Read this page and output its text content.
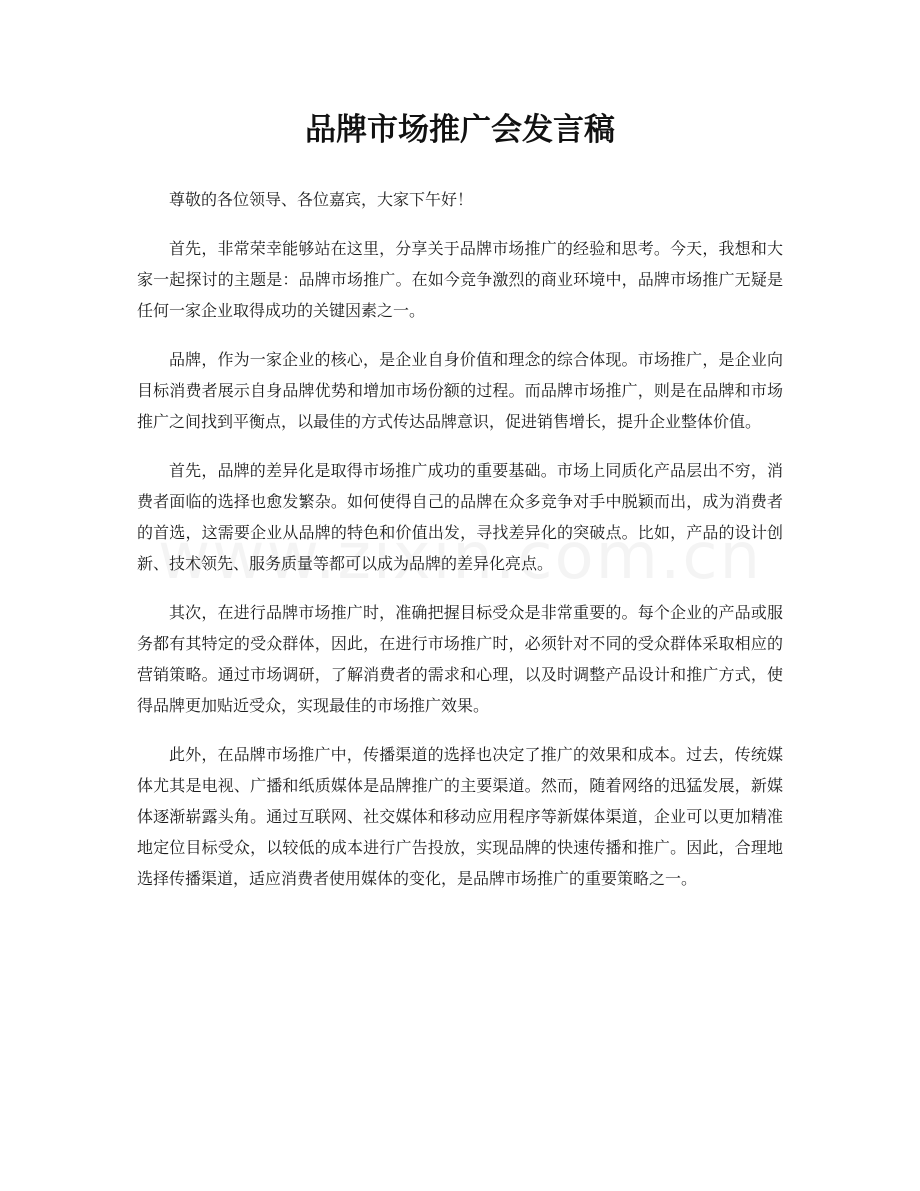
品牌市场推广会发言稿

尊敬的各位领导、各位嘉宾，大家下午好！

首先，非常荣幸能够站在这里，分享关于品牌市场推广的经验和思考。今天，我想和大家一起探讨的主题是：品牌市场推广。在如今竞争激烈的商业环境中，品牌市场推广无疑是任何一家企业取得成功的关键因素之一。

品牌，作为一家企业的核心，是企业自身价值和理念的综合体现。市场推广，是企业向目标消费者展示自身品牌优势和增加市场份额的过程。而品牌市场推广，则是在品牌和市场推广之间找到平衡点，以最佳的方式传达品牌意识，促进销售增长，提升企业整体价值。

首先，品牌的差异化是取得市场推广成功的重要基础。市场上同质化产品层出不穷，消费者面临的选择也愈发繁杂。如何使得自己的品牌在众多竞争对手中脱颖而出，成为消费者的首选，这需要企业从品牌的特色和价值出发，寻找差异化的突破点。比如，产品的设计创新、技术领先、服务质量等都可以成为品牌的差异化亮点。

其次，在进行品牌市场推广时，准确把握目标受众是非常重要的。每个企业的产品或服务都有其特定的受众群体，因此，在进行市场推广时，必须针对不同的受众群体采取相应的营销策略。通过市场调研，了解消费者的需求和心理，以及时调整产品设计和推广方式，使得品牌更加贴近受众，实现最佳的市场推广效果。

此外，在品牌市场推广中，传播渠道的选择也决定了推广的效果和成本。过去，传统媒体尤其是电视、广播和纸质媒体是品牌推广的主要渠道。然而，随着网络的迅猛发展，新媒体逐渐崭露头角。通过互联网、社交媒体和移动应用程序等新媒体渠道，企业可以更加精准地定位目标受众，以较低的成本进行广告投放，实现品牌的快速传播和推广。因此，合理地选择传播渠道，适应消费者使用媒体的变化，是品牌市场推广的重要策略之一。
